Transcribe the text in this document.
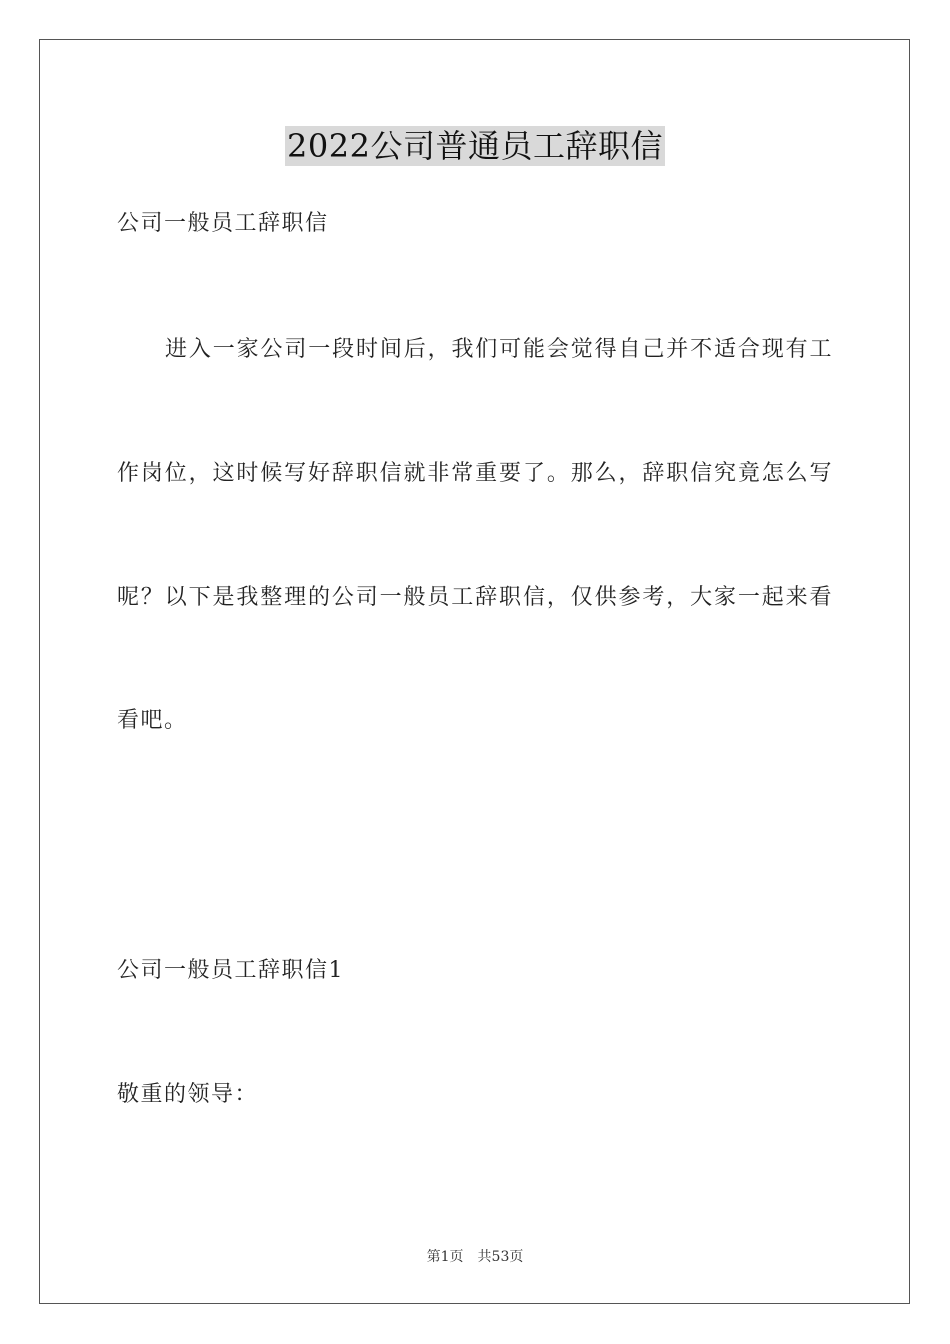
2022公司普通员工辞职信

公司一般员工辞职信

进入一家公司一段时间后，我们可能会觉得自己并不适合现有工

作岗位，这时候写好辞职信就非常重要了。那么，辞职信究竟怎么写

呢？以下是我整理的公司一般员工辞职信，仅供参考，大家一起来看

看吧。

公司一般员工辞职信1

敬重的领导：

第1页 共53页
